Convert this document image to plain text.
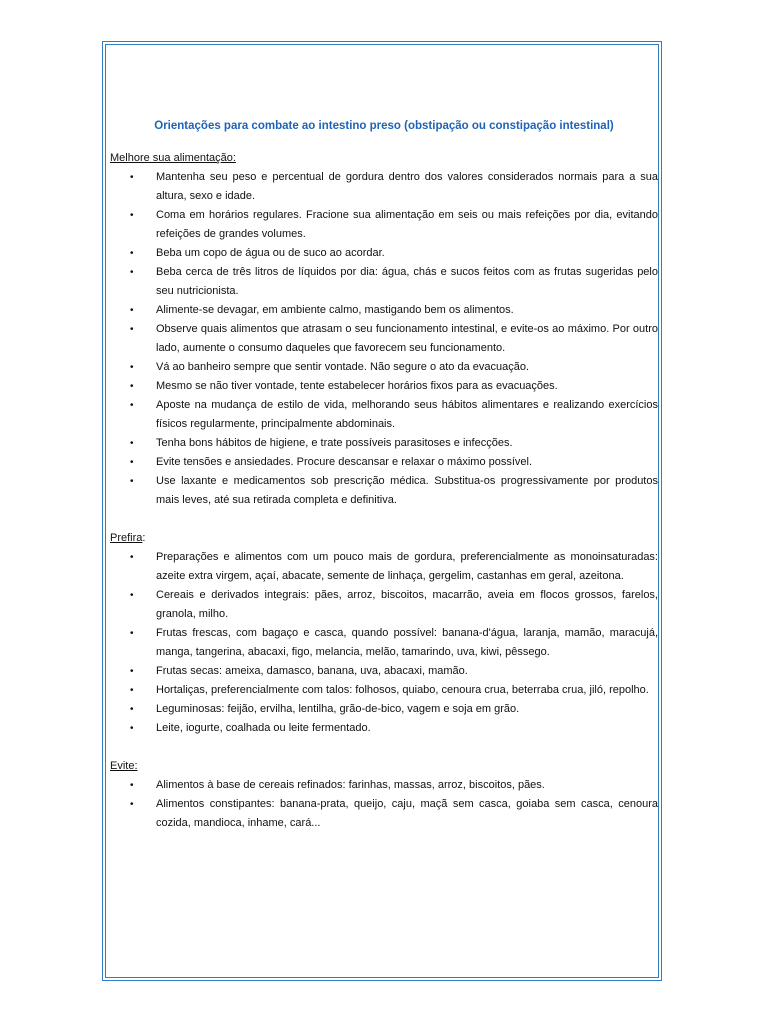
Orientações para combate ao intestino preso (obstipação ou constipação intestinal)

Melhore sua alimentação:

• Mantenha seu peso e percentual de gordura dentro dos valores considerados normais para a sua altura, sexo e idade.
• Coma em horários regulares. Fracione sua alimentação em seis ou mais refeições por dia, evitando refeições de grandes volumes.
• Beba um copo de água ou de suco ao acordar.
• Beba cerca de três litros de líquidos por dia: água, chás e sucos feitos com as frutas sugeridas pelo seu nutricionista.
• Alimente-se devagar, em ambiente calmo, mastigando bem os alimentos.
• Observe quais alimentos que atrasam o seu funcionamento intestinal, e evite-os ao máximo. Por outro lado, aumente o consumo daqueles que favorecem seu funcionamento.
• Vá ao banheiro sempre que sentir vontade. Não segure o ato da evacuação.
• Mesmo se não tiver vontade, tente estabelecer horários fixos para as evacuações.
• Aposte na mudança de estilo de vida, melhorando seus hábitos alimentares e realizando exercícios físicos regularmente, principalmente abdominais.
• Tenha bons hábitos de higiene, e trate possíveis parasitoses e infecções.
• Evite tensões e ansiedades. Procure descansar e relaxar o máximo possível.
• Use laxante e medicamentos sob prescrição médica. Substitua-os progressivamente por produtos mais leves, até sua retirada completa e definitiva.

Prefira:

• Preparações e alimentos com um pouco mais de gordura, preferencialmente as monoinsaturadas: azeite extra virgem, açaí, abacate, semente de linhaça, gergelim, castanhas em geral, azeitona.
• Cereais e derivados integrais: pães, arroz, biscoitos, macarrão, aveia em flocos grossos, farelos, granola, milho.
• Frutas frescas, com bagaço e casca, quando possível: banana-d'água, laranja, mamão, maracujá, manga, tangerina, abacaxi, figo, melancia, melão, tamarindo, uva, kiwi, pêssego.
• Frutas secas: ameixa, damasco, banana, uva, abacaxi, mamão.
• Hortaliças, preferencialmente com talos: folhosos, quiabo, cenoura crua, beterraba crua, jiló, repolho.
• Leguminosas: feijão, ervilha, lentilha, grão-de-bico, vagem e soja em grão.
• Leite, iogurte, coalhada ou leite fermentado.

Evite:

• Alimentos à base de cereais refinados: farinhas, massas, arroz, biscoitos, pães.
• Alimentos constipantes: banana-prata, queijo, caju, maçã sem casca, goiaba sem casca, cenoura cozida, mandioca, inhame, cará...
